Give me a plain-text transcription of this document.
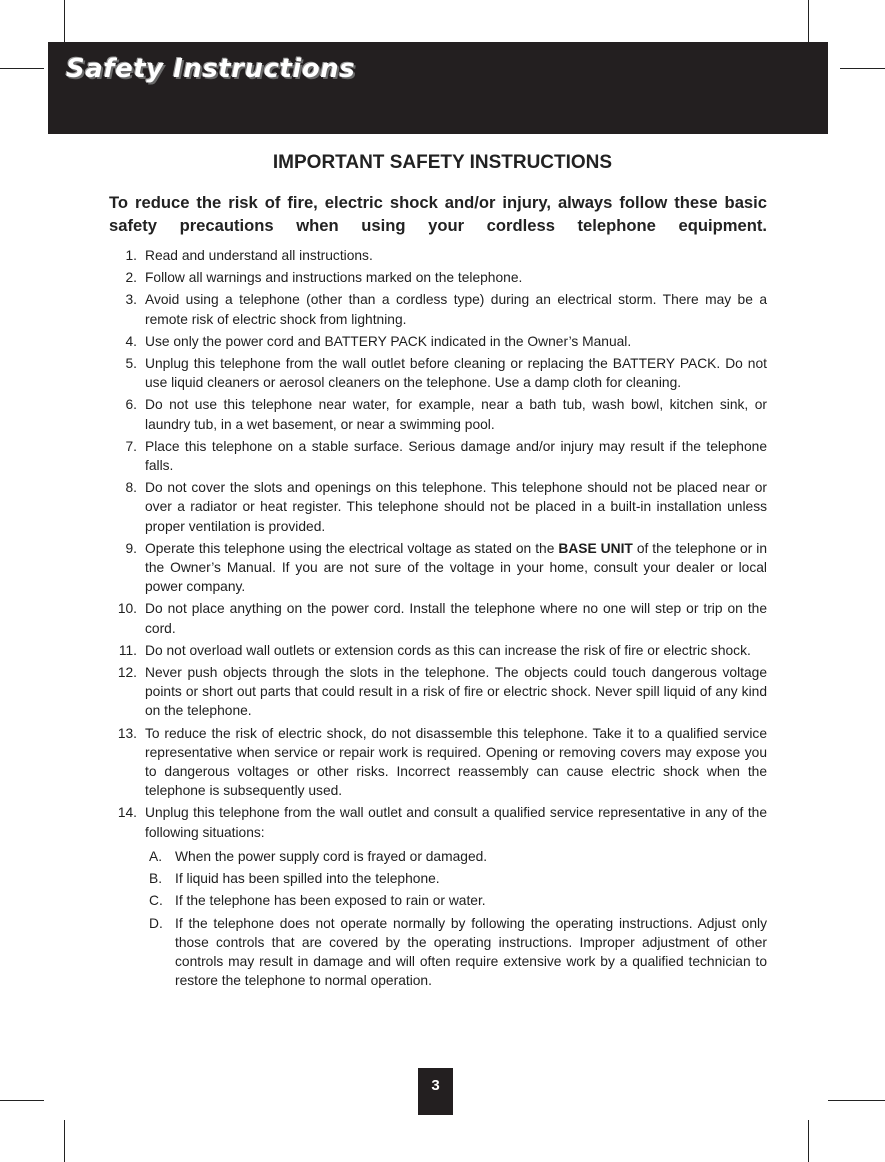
Safety Instructions
IMPORTANT SAFETY INSTRUCTIONS

To reduce the risk of fire, electric shock and/or injury, always follow these basic safety precautions when using your cordless telephone equipment.

1. Read and understand all instructions.
2. Follow all warnings and instructions marked on the telephone.
3. Avoid using a telephone (other than a cordless type) during an electrical storm. There may be a remote risk of electric shock from lightning.
4. Use only the power cord and BATTERY PACK indicated in the Owner’s Manual.
5. Unplug this telephone from the wall outlet before cleaning or replacing the BATTERY PACK. Do not use liquid cleaners or aerosol cleaners on the telephone. Use a damp cloth for cleaning.
6. Do not use this telephone near water, for example, near a bath tub, wash bowl, kitchen sink, or laundry tub, in a wet basement, or near a swimming pool.
7. Place this telephone on a stable surface. Serious damage and/or injury may result if the telephone falls.
8. Do not cover the slots and openings on this telephone. This telephone should not be placed near or over a radiator or heat register. This telephone should not be placed in a built-in installation unless proper ventilation is provided.
9. Operate this telephone using the electrical voltage as stated on the BASE UNIT of the telephone or in the Owner’s Manual. If you are not sure of the voltage in your home, consult your dealer or local power company.
10. Do not place anything on the power cord. Install the telephone where no one will step or trip on the cord.
11. Do not overload wall outlets or extension cords as this can increase the risk of fire or electric shock.
12. Never push objects through the slots in the telephone. The objects could touch dangerous voltage points or short out parts that could result in a risk of fire or electric shock. Never spill liquid of any kind on the telephone.
13. To reduce the risk of electric shock, do not disassemble this telephone. Take it to a qualified service representative when service or repair work is required. Opening or removing covers may expose you to dangerous voltages or other risks. Incorrect reassembly can cause electric shock when the telephone is subsequently used.
14. Unplug this telephone from the wall outlet and consult a qualified service representative in any of the following situations:
A. When the power supply cord is frayed or damaged.
B. If liquid has been spilled into the telephone.
C. If the telephone has been exposed to rain or water.
D. If the telephone does not operate normally by following the operating instructions. Adjust only those controls that are covered by the operating instructions. Improper adjustment of other controls may result in damage and will often require extensive work by a qualified technician to restore the telephone to normal operation.
3
